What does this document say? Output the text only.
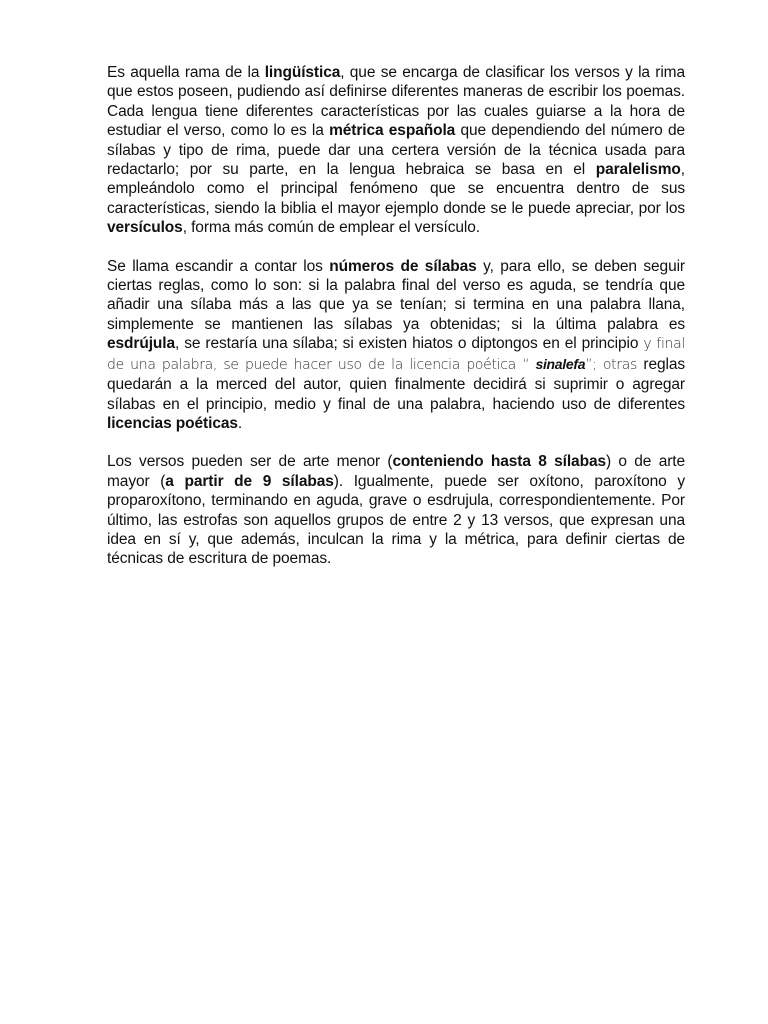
Es aquella rama de la lingüística, que se encarga de clasificar los versos y la rima que estos poseen, pudiendo así definirse diferentes maneras de escribir los poemas. Cada lengua tiene diferentes características por las cuales guiarse a la hora de estudiar el verso, como lo es la métrica española que dependiendo del número de sílabas y tipo de rima, puede dar una certera versión de la técnica usada para redactarlo; por su parte, en la lengua hebraica se basa en el paralelismo, empleándolo como el principal fenómeno que se encuentra dentro de sus características, siendo la biblia el mayor ejemplo donde se le puede apreciar, por los versículos, forma más común de emplear el versículo.

Se llama escandir a contar los números de sílabas y, para ello, se deben seguir ciertas reglas, como lo son: si la palabra final del verso es aguda, se tendría que añadir una sílaba más a las que ya se tenían; si termina en una palabra llana, simplemente se mantienen las sílabas ya obtenidas; si la última palabra es esdrújula, se restaría una sílaba; si existen hiatos o diptongos en el principio y final de una palabra, se puede hacer uso de la licencia poética “ sinalefa”; otras reglas quedarán a la merced del autor, quien finalmente decidirá si suprimir o agregar sílabas en el principio, medio y final de una palabra, haciendo uso de diferentes licencias poéticas.

Los versos pueden ser de arte menor (conteniendo hasta 8 sílabas) o de arte mayor (a partir de 9 sílabas). Igualmente, puede ser oxítono, paroxítono y proparoxítono, terminando en aguda, grave o esdrujula, correspondientemente. Por último, las estrofas son aquellos grupos de entre 2 y 13 versos, que expresan una idea en sí y, que además, inculcan la rima y la métrica, para definir ciertas de técnicas de escritura de poemas.
